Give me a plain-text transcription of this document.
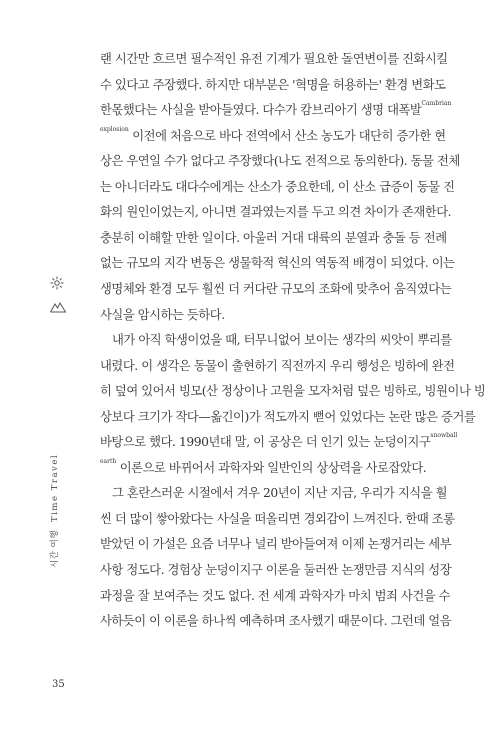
랜 시간만 흐르면 필수적인 유전 기계가 필요한 돌연변이를 진화시킬
수 있다고 주장했다. 하지만 대부분은 '혁명을 허용하는' 환경 변화도
한몫했다는 사실을 받아들였다. 다수가 캄브리아기 생명 대폭발$^{Cambrian}$
$^{explosion}$ 이전에 처음으로 바다 전역에서 산소 농도가 대단히 증가한 현
상은 우연일 수가 없다고 주장했다(나도 전적으로 동의한다). 동물 전체
는 아니더라도 대다수에게는 산소가 중요한데, 이 산소 급증이 동물 진
화의 원인이었는지, 아니면 결과였는지를 두고 의견 차이가 존재한다.
충분히 이해할 만한 일이다. 아울러 거대 대륙의 분열과 충돌 등 전례
없는 규모의 지각 변동은 생물학적 혁신의 역동적 배경이 되었다. 이는
생명체와 환경 모두 훨씬 더 커다란 규모의 조화에 맞추어 움직였다는
사실을 암시하는 듯하다.
내가 아직 학생이었을 때, 터무니없어 보이는 생각의 씨앗이 뿌리를
내렸다. 이 생각은 동물이 출현하기 직전까지 우리 행성은 빙하에 완전
히 덮여 있어서 빙모(산 정상이나 고원을 모자처럼 덮은 빙하로, 빙원이나 빙
상보다 크기가 작다—옮긴이)가 적도까지 뻗어 있었다는 논란 많은 증거를
바탕으로 했다. 1990년대 말, 이 공상은 더 인기 있는 눈덩이지구$^{snowball}$
$^{earth}$ 이론으로 바뀌어서 과학자와 일반인의 상상력을 사로잡았다.
그 혼란스러운 시절에서 겨우 20년이 지난 지금, 우리가 지식을 훨
씬 더 많이 쌓아왔다는 사실을 떠올리면 경외감이 느껴진다. 한때 조롱
받았던 이 가설은 요즘 너무나 널리 받아들여져 이제 논쟁거리는 세부
사항 정도다. 경험상 눈덩이지구 이론을 둘러싼 논쟁만큼 지식의 성장
과정을 잘 보여주는 것도 없다. 전 세계 과학자가 마치 범죄 사건을 수
사하듯이 이 이론을 하나씩 예측하며 조사했기 때문이다. 그런데 얼음
시간 여행Time Travel
35
